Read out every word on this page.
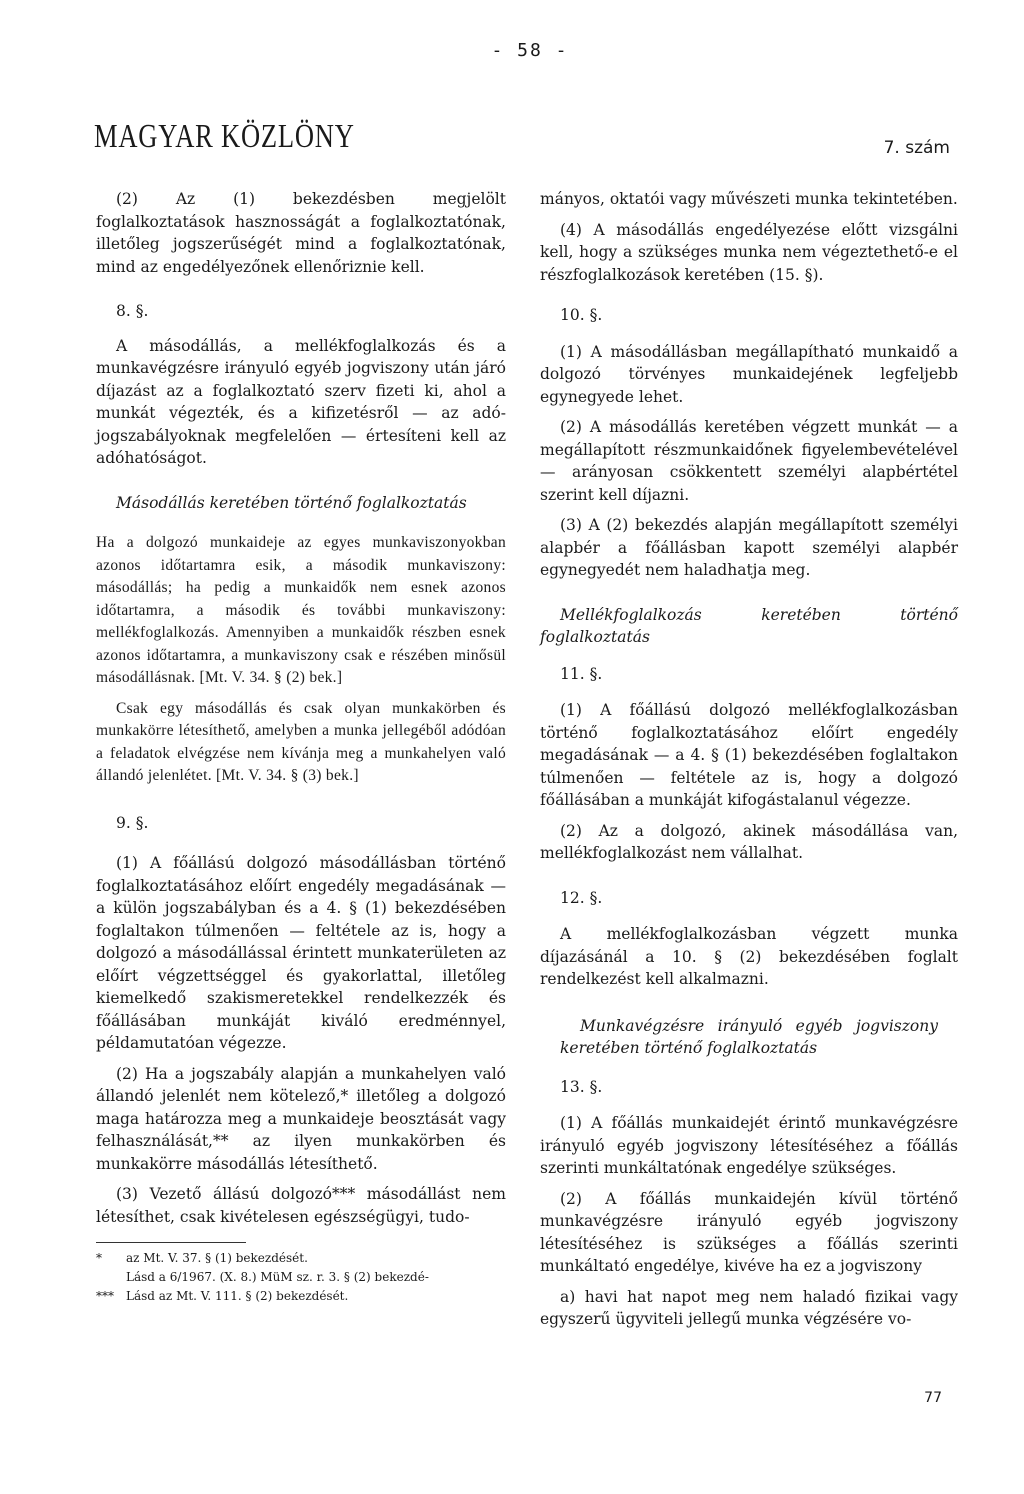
- 58 -
MAGYAR KÖZLÖNY	7. szám

(2) Az (1) bekezdésben megjelölt foglalkoztatások hasznosságát a foglalkoztatónak, illetőleg jogszerűségét mind a foglalkoztatónak, mind az engedélyezőnek ellenőriznie kell.

8. §.

A másodállás, a mellékfoglalkozás és a munkavégzésre irányuló egyéb jogviszony után járó díjazást az a foglalkoztató szerv fizeti ki, ahol a munkát végezték, és a kifizetésről — az adó-jogszabályoknak megfelelően — értesíteni kell az adóhatóságot.

Másodállás keretében történő foglalkoztatás

Ha a dolgozó munkaideje az egyes munkaviszonyokban azonos időtartamra esik, a második munkaviszony: másodállás; ha pedig a munkaidők nem esnek azonos időtartamra, a második és további munkaviszony: mellékfoglalkozás. Amennyiben a munkaidők részben esnek azonos időtartamra, a munkaviszony csak e részében minősül másodállásnak. [Mt. V. 34. § (2) bek.]

Csak egy másodállás és csak olyan munkakörben és munkakörre létesíthető, amelyben a munka jellegéből adódóan a feladatok elvégzése nem kívánja meg a munkahelyen való állandó jelenlétet. [Mt. V. 34. § (3) bek.]

9. §.

(1) A főállású dolgozó másodállásban történő foglalkoztatásához előírt engedély megadásának — a külön jogszabályban és a 4. § (1) bekezdésében foglaltakon túlmenően — feltétele az is, hogy a dolgozó a másodállással érintett munkaterületen az előírt végzettséggel és gyakorlattal, illetőleg kiemelkedő szakismeretekkel rendelkezzék és főállásában munkáját kiváló eredménnyel, példamutatóan végezze.

(2) Ha a jogszabály alapján a munkahelyen való állandó jelenlét nem kötelező,* illetőleg a dolgozó maga határozza meg a munkaideje beosztását vagy felhasználását,** az ilyen munkakörben és munkakörre másodállás létesíthető.

(3) Vezető állású dolgozó*** másodállást nem létesíthet, csak kivételesen egészségügyi, tudo-

* az Mt. V. 37. § (1) bekezdését.

Lásd a 6/1967. (X. 8.) MüM sz. r. 3. § (2) bekezdé-

*** Lásd az Mt. V. 111. § (2) bekezdését.

mányos, oktatói vagy művészeti munka tekintetében.

(4) A másodállás engedélyezése előtt vizsgálni kell, hogy a szükséges munka nem végeztethető-e el részfoglalkozások keretében (15. §).

10. §.

(1) A másodállásban megállapítható munkaidő a dolgozó törvényes munkaidejének legfeljebb egynegyede lehet.

(2) A másodállás keretében végzett munkát — a megállapított részmunkaidőnek figyelembevételével — arányosan csökkentett személyi alapbértétel szerint kell díjazni.

(3) A (2) bekezdés alapján megállapított személyi alapbér a főállásban kapott személyi alapbér egynegyedét nem haladhatja meg.

Mellékfoglalkozás keretében történő foglalkoztatás

11. §.

(1) A főállású dolgozó mellékfoglalkozásban történő foglalkoztatásához előírt engedély megadásának — a 4. § (1) bekezdésében foglaltakon túlmenően — feltétele az is, hogy a dolgozó főállásában a munkáját kifogástalanul végezze.

(2) Az a dolgozó, akinek másodállása van, mellékfoglalkozást nem vállalhat.

12. §.

A mellékfoglalkozásban végzett munka díjazásánál a 10. § (2) bekezdésében foglalt rendelkezést kell alkalmazni.

Munkavégzésre irányuló egyéb jogviszony keretében történő foglalkoztatás

13. §.

(1) A főállás munkaidejét érintő munkavégzésre irányuló egyéb jogviszony létesítéséhez a főállás szerinti munkáltatónak engedélye szükséges.

(2) A főállás munkaidején kívül történő munkavégzésre irányuló egyéb jogviszony létesítéséhez is szükséges a főállás szerinti munkáltató engedélye, kivéve ha ez a jogviszony

a) havi hat napot meg nem haladó fizikai vagy egyszerű ügyviteli jellegű munka végzésére vo-

77
